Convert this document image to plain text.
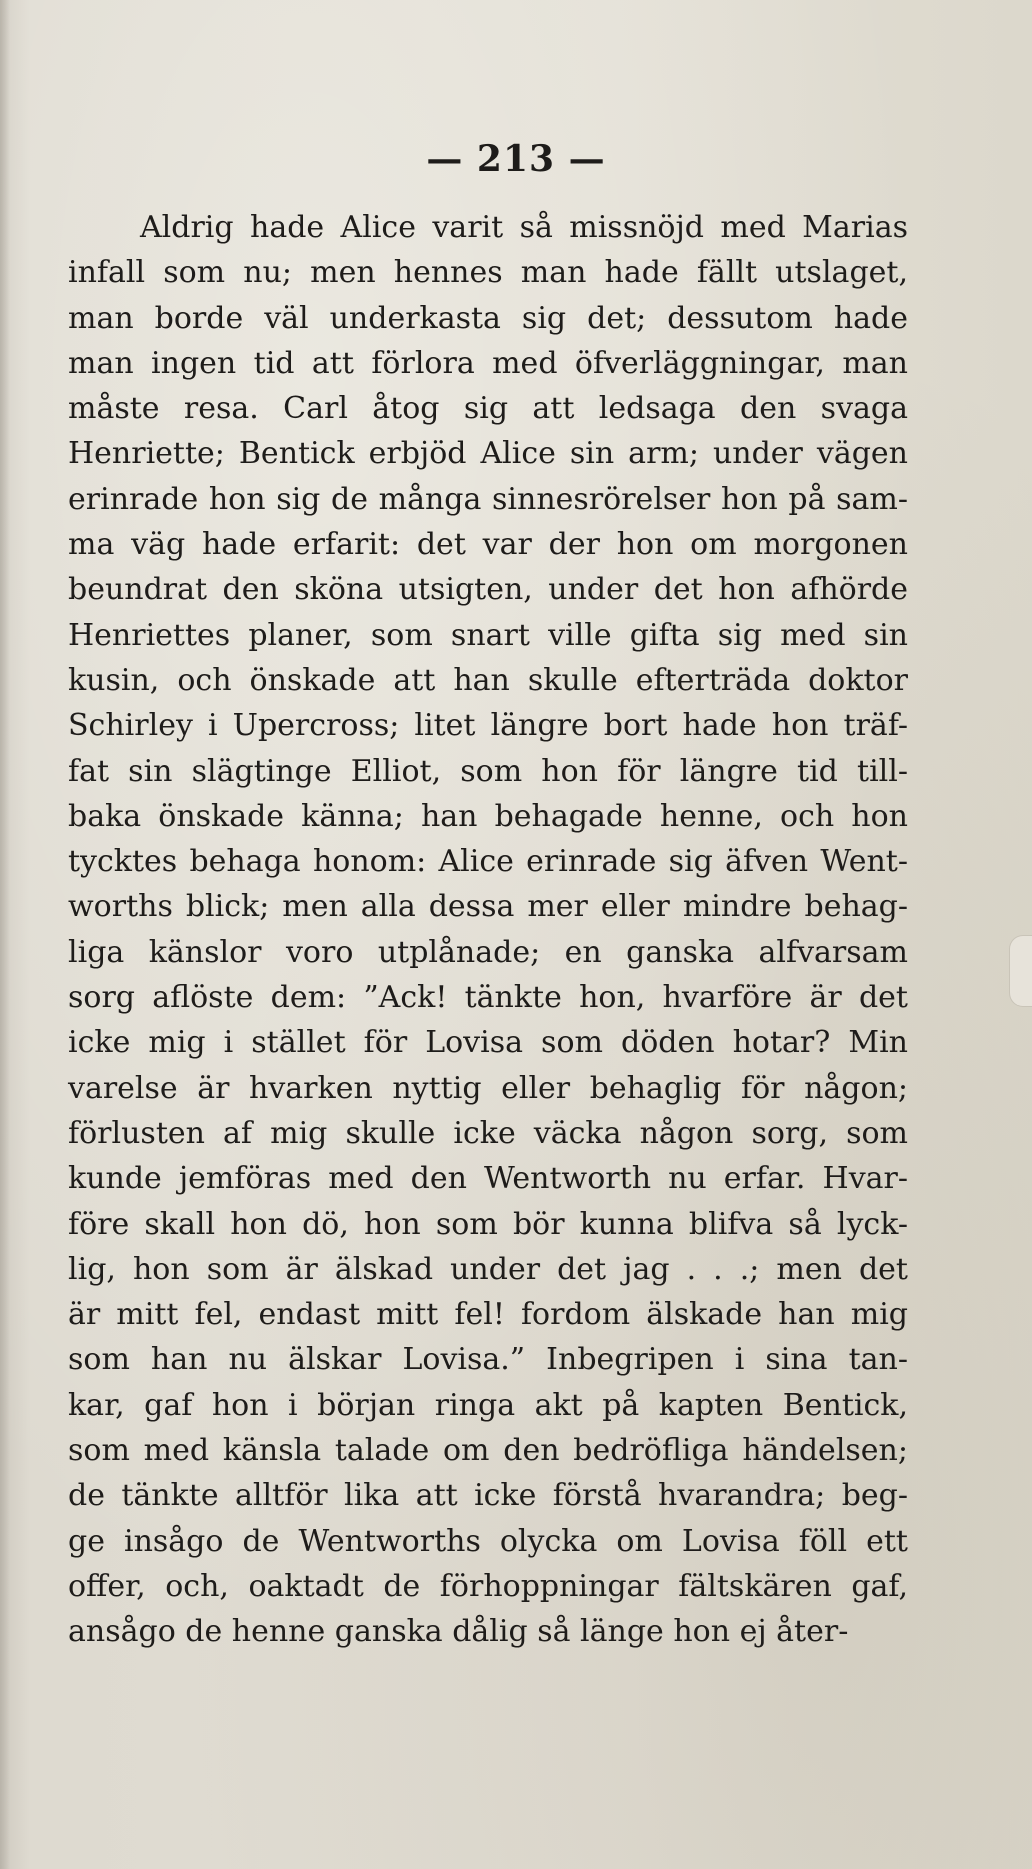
— 213 —
Aldrig hade Alice varit så missnöjd med Marias
infall som nu; men hennes man hade fällt utslaget,
man borde väl underkasta sig det; dessutom hade
man ingen tid att förlora med öfverläggningar, man
måste resa. Carl åtog sig att ledsaga den svaga
Henriette; Bentick erbjöd Alice sin arm; under vägen
erinrade hon sig de många sinnesrörelser hon på sam-
ma väg hade erfarit: det var der hon om morgonen
beundrat den sköna utsigten, under det hon afhörde
Henriettes planer, som snart ville gifta sig med sin
kusin, och önskade att han skulle efterträda doktor
Schirley i Upercross; litet längre bort hade hon träf-
fat sin slägtinge Elliot, som hon för längre tid till-
baka önskade känna; han behagade henne, och hon
tycktes behaga honom: Alice erinrade sig äfven Went-
worths blick; men alla dessa mer eller mindre behag-
liga känslor voro utplånade; en ganska alfvarsam
sorg aflöste dem: ”Ack! tänkte hon, hvarföre är det
icke mig i stället för Lovisa som döden hotar? Min
varelse är hvarken nyttig eller behaglig för någon;
förlusten af mig skulle icke väcka någon sorg, som
kunde jemföras med den Wentworth nu erfar. Hvar-
före skall hon dö, hon som bör kunna blifva så lyck-
lig, hon som är älskad under det jag . . .; men det
är mitt fel, endast mitt fel! fordom älskade han mig
som han nu älskar Lovisa.” Inbegripen i sina tan-
kar, gaf hon i början ringa akt på kapten Bentick,
som med känsla talade om den bedröfliga händelsen;
de tänkte alltför lika att icke förstå hvarandra; beg-
ge insågo de Wentworths olycka om Lovisa föll ett
offer, och, oaktadt de förhoppningar fältskären gaf,
ansågo de henne ganska dålig så länge hon ej åter-
